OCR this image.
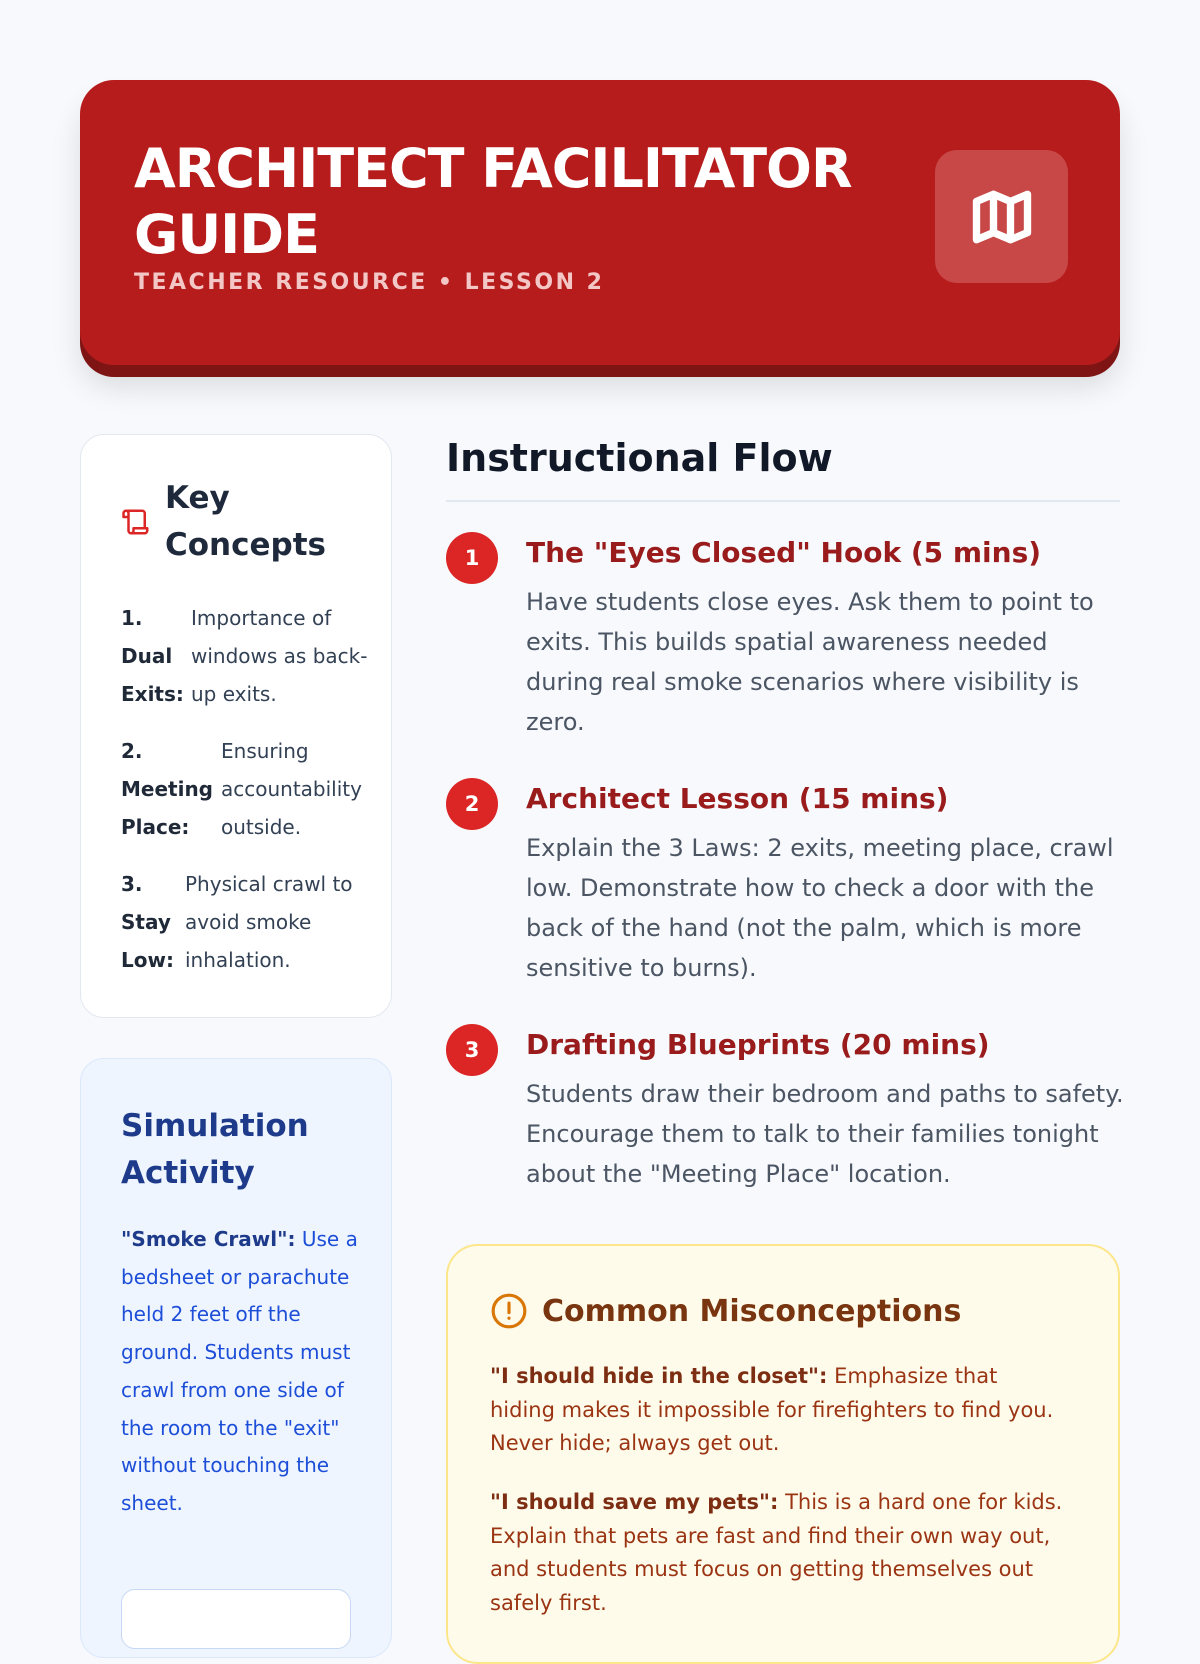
ARCHITECT FACILITATOR GUIDE
TEACHER RESOURCE • LESSON 2
Key Concepts
1. Dual Exits:
Importance of windows as back-up exits.
2. Meeting Place:
Ensuring accountability outside.
3. Stay Low:
Physical crawl to avoid smoke inhalation.
Simulation Activity
"Smoke Crawl": Use a bedsheet or parachute held 2 feet off the ground. Students must crawl from one side of the room to the "exit" without touching the sheet.
Instructional Flow
1	The "Eyes Closed" Hook (5 mins)
Have students close eyes. Ask them to point to exits. This builds spatial awareness needed during real smoke scenarios where visibility is zero.
2	Architect Lesson (15 mins)
Explain the 3 Laws: 2 exits, meeting place, crawl low. Demonstrate how to check a door with the back of the hand (not the palm, which is more sensitive to burns).
3	Drafting Blueprints (20 mins)
Students draw their bedroom and paths to safety. Encourage them to talk to their families tonight about the "Meeting Place" location.
Common Misconceptions
"I should hide in the closet": Emphasize that hiding makes it impossible for firefighters to find you. Never hide; always get out.
"I should save my pets": This is a hard one for kids. Explain that pets are fast and find their own way out, and students must focus on getting themselves out safely first.
